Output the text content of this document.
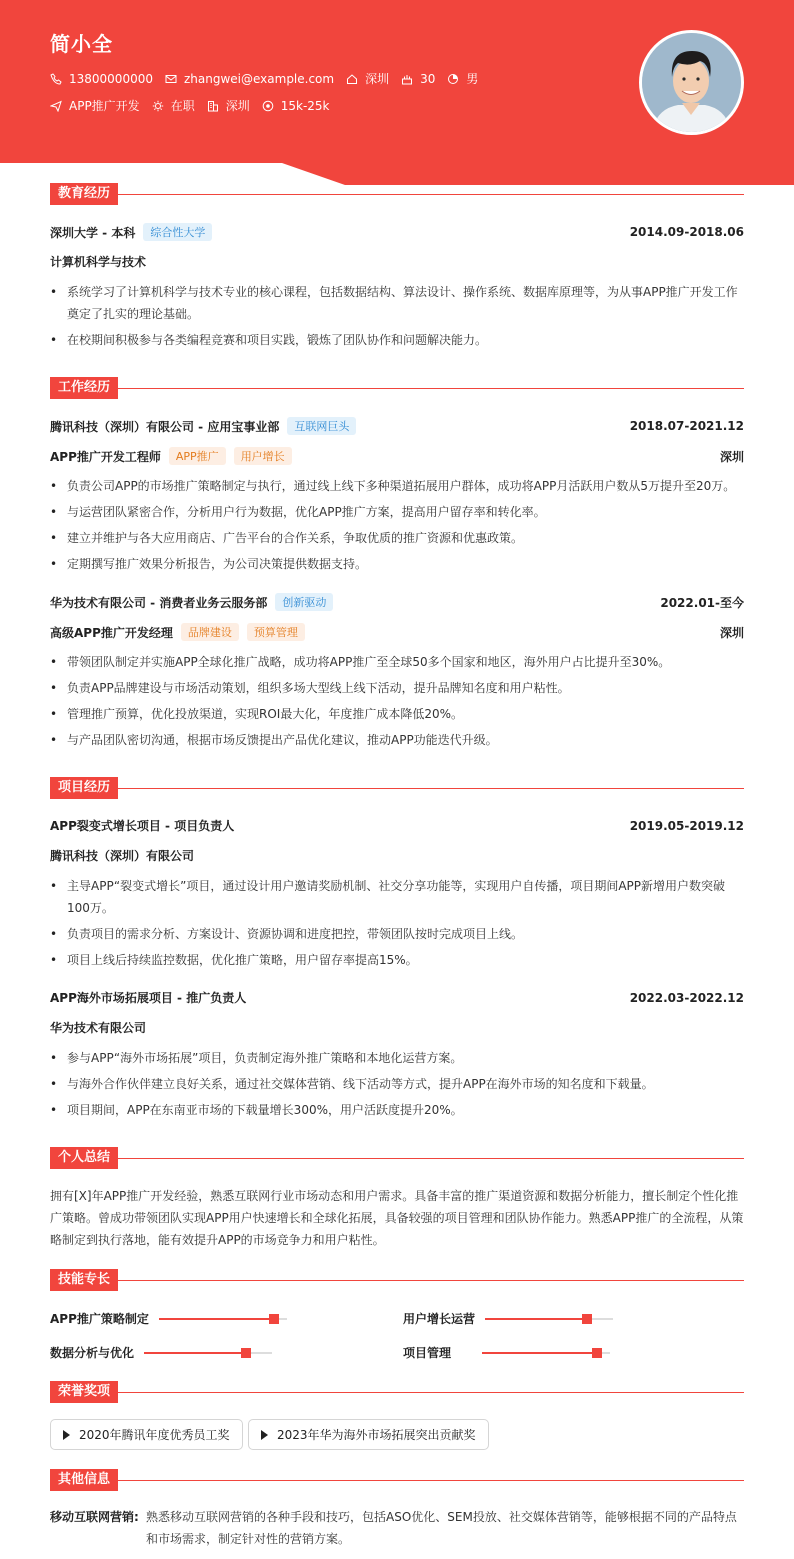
简小全
13800000000	zhangwei@example.com	深圳	30	男
APP推广开发	在职	深圳	15k-25k
教育经历
深圳大学 - 本科	综合性大学	2014.09-2018.06
计算机科学与技术
• 系统学习了计算机科学与技术专业的核心课程，包括数据结构、算法设计、操作系统、数据库原理等，为从事APP推广开发工作奠定了扎实的理论基础。
• 在校期间积极参与各类编程竞赛和项目实践，锻炼了团队协作和问题解决能力。
工作经历
腾讯科技（深圳）有限公司 - 应用宝事业部	互联网巨头	2018.07-2021.12
APP推广开发工程师	APP推广	用户增长	深圳
• 负责公司APP的市场推广策略制定与执行，通过线上线下多种渠道拓展用户群体，成功将APP月活跃用户数从5万提升至20万。
• 与运营团队紧密合作，分析用户行为数据，优化APP推广方案，提高用户留存率和转化率。
• 建立并维护与各大应用商店、广告平台的合作关系，争取优质的推广资源和优惠政策。
• 定期撰写推广效果分析报告，为公司决策提供数据支持。
华为技术有限公司 - 消费者业务云服务部	创新驱动	2022.01-至今
高级APP推广开发经理	品牌建设	预算管理	深圳
• 带领团队制定并实施APP全球化推广战略，成功将APP推广至全球50多个国家和地区，海外用户占比提升至30%。
• 负责APP品牌建设与市场活动策划，组织多场大型线上线下活动，提升品牌知名度和用户粘性。
• 管理推广预算，优化投放渠道，实现ROI最大化，年度推广成本降低20%。
• 与产品团队密切沟通，根据市场反馈提出产品优化建议，推动APP功能迭代升级。
项目经历
APP裂变式增长项目 - 项目负责人	2019.05-2019.12
腾讯科技（深圳）有限公司
• 主导APP“裂变式增长”项目，通过设计用户邀请奖励机制、社交分享功能等，实现用户自传播，项目期间APP新增用户数突破100万。
• 负责项目的需求分析、方案设计、资源协调和进度把控，带领团队按时完成项目上线。
• 项目上线后持续监控数据，优化推广策略，用户留存率提高15%。
APP海外市场拓展项目 - 推广负责人	2022.03-2022.12
华为技术有限公司
• 参与APP“海外市场拓展”项目，负责制定海外推广策略和本地化运营方案。
• 与海外合作伙伴建立良好关系，通过社交媒体营销、线下活动等方式，提升APP在海外市场的知名度和下载量。
• 项目期间，APP在东南亚市场的下载量增长300%，用户活跃度提升20%。
个人总结
拥有[X]年APP推广开发经验，熟悉互联网行业市场动态和用户需求。具备丰富的推广渠道资源和数据分析能力，擅长制定个性化推广策略。曾成功带领团队实现APP用户快速增长和全球化拓展，具备较强的项目管理和团队协作能力。熟悉APP推广的全流程，从策略制定到执行落地，能有效提升APP的市场竞争力和用户粘性。
技能专长
APP推广策略制定	用户增长运营
数据分析与优化	项目管理
荣誉奖项
2020年腾讯年度优秀员工奖	2023年华为海外市场拓展突出贡献奖
其他信息
移动互联网营销: 熟悉移动互联网营销的各种手段和技巧，包括ASO优化、SEM投放、社交媒体营销等，能够根据不同的产品特点和市场需求，制定针对性的营销方案。
